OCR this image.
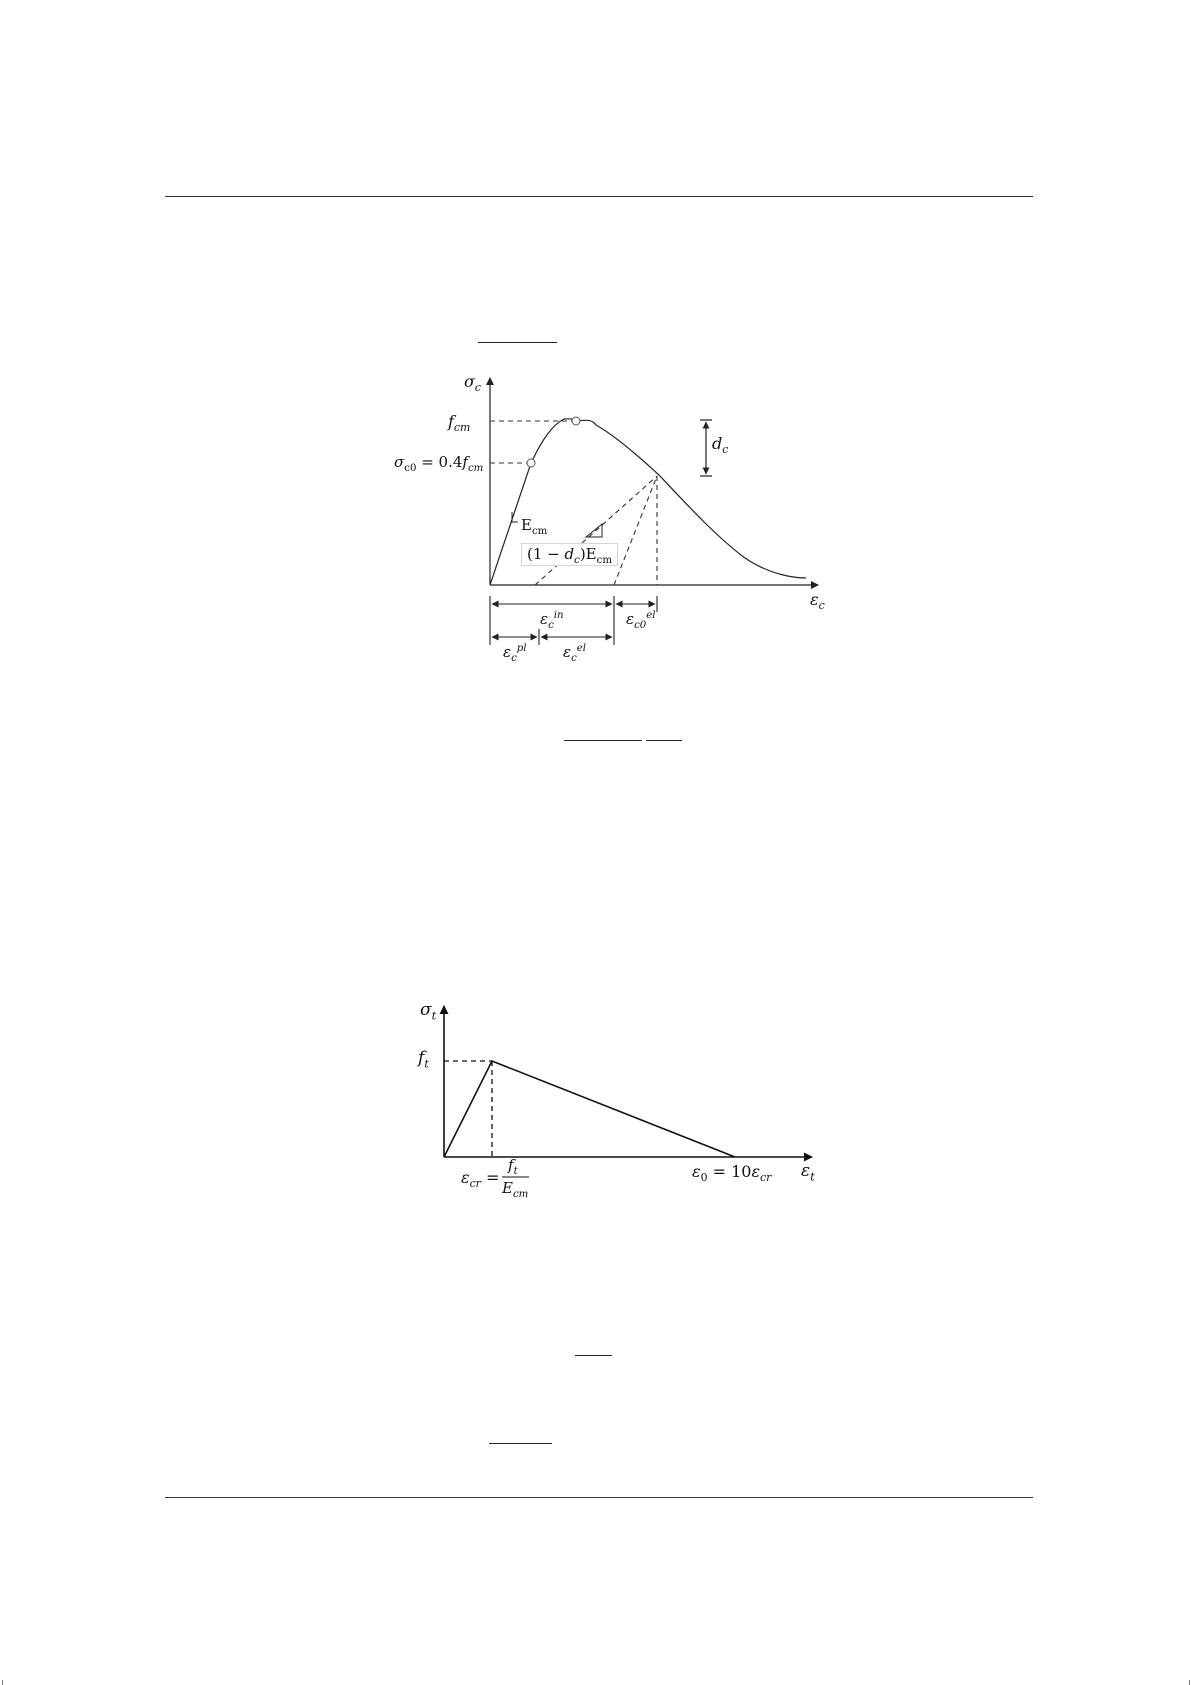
$\sigma_c$
$\varepsilon_c$
$f_{cm}$
$\sigma_{c0} = 0.4f_{cm}$
$E_{cm}$
$(1 - d_c)E_{cm}$
$d_c$
$\varepsilon_c^{in}$	$\varepsilon_{c0}^{el}$
$\varepsilon_c^{pl}$ $\varepsilon_c^{el}$
$\sigma_t$
$\varepsilon_t$
$f_t$
$\varepsilon_{cr}$ =
$f_t$
$E_{cm}$
$\varepsilon_0 = 10\varepsilon_{cr}$
